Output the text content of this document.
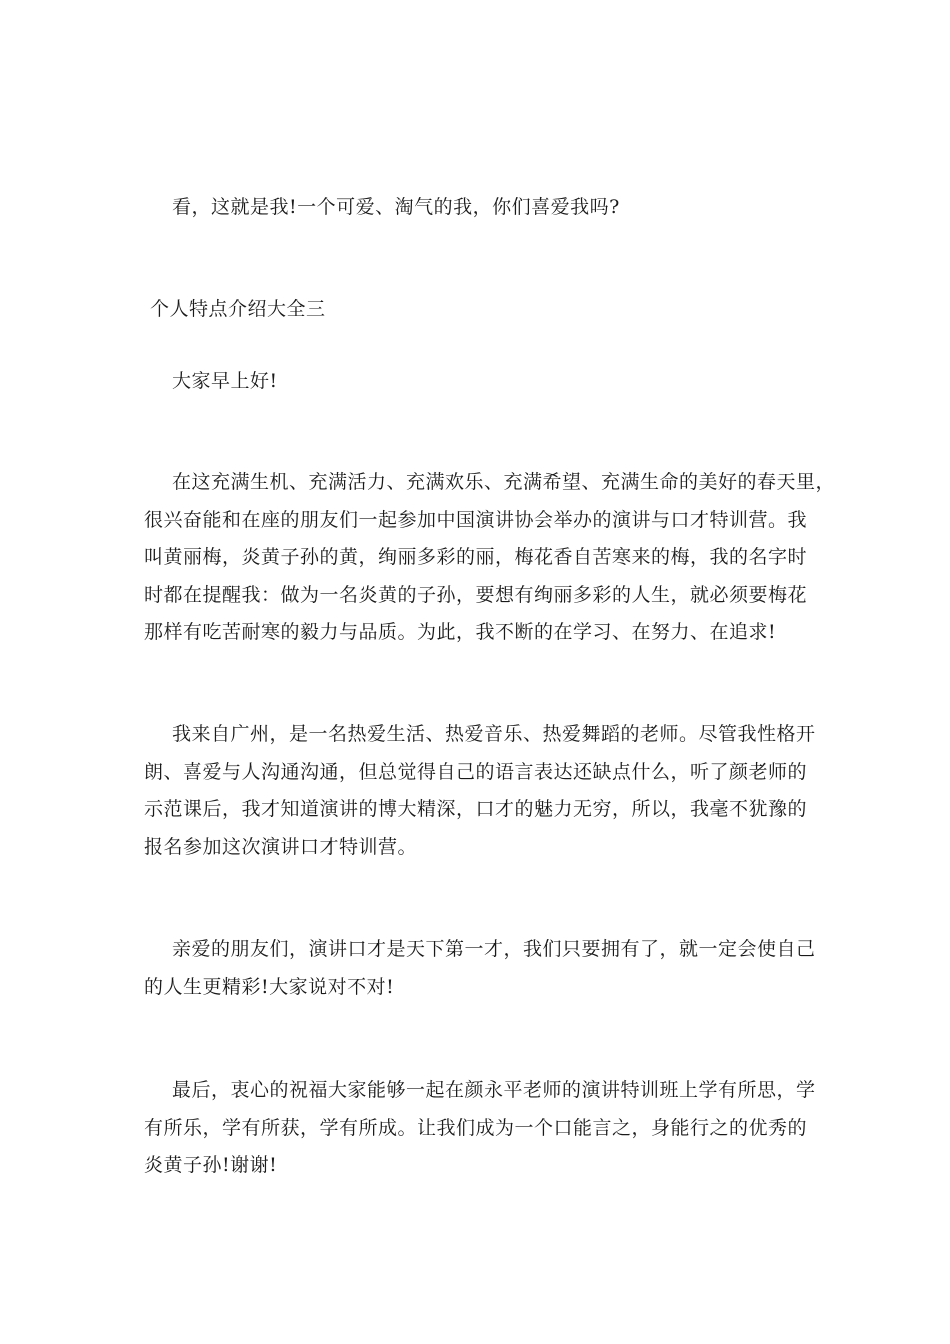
看，这就是我!一个可爱、淘气的我，你们喜爱我吗?
个人特点介绍大全三
大家早上好!
在这充满生机、充满活力、充满欢乐、充满希望、充满生命的美好的春天里，
很兴奋能和在座的朋友们一起参加中国演讲协会举办的演讲与口才特训营。我
叫黄丽梅，炎黄子孙的黄，绚丽多彩的丽，梅花香自苦寒来的梅，我的名字时
时都在提醒我：做为一名炎黄的子孙，要想有绚丽多彩的人生，就必须要梅花
那样有吃苦耐寒的毅力与品质。为此，我不断的在学习、在努力、在追求!
我来自广州，是一名热爱生活、热爱音乐、热爱舞蹈的老师。尽管我性格开
朗、喜爱与人沟通沟通，但总觉得自己的语言表达还缺点什么，听了颜老师的
示范课后，我才知道演讲的博大精深，口才的魅力无穷，所以，我毫不犹豫的
报名参加这次演讲口才特训营。
亲爱的朋友们，演讲口才是天下第一才，我们只要拥有了，就一定会使自己
的人生更精彩!大家说对不对!
最后，衷心的祝福大家能够一起在颜永平老师的演讲特训班上学有所思，学
有所乐，学有所获，学有所成。让我们成为一个口能言之，身能行之的优秀的
炎黄子孙!谢谢!
